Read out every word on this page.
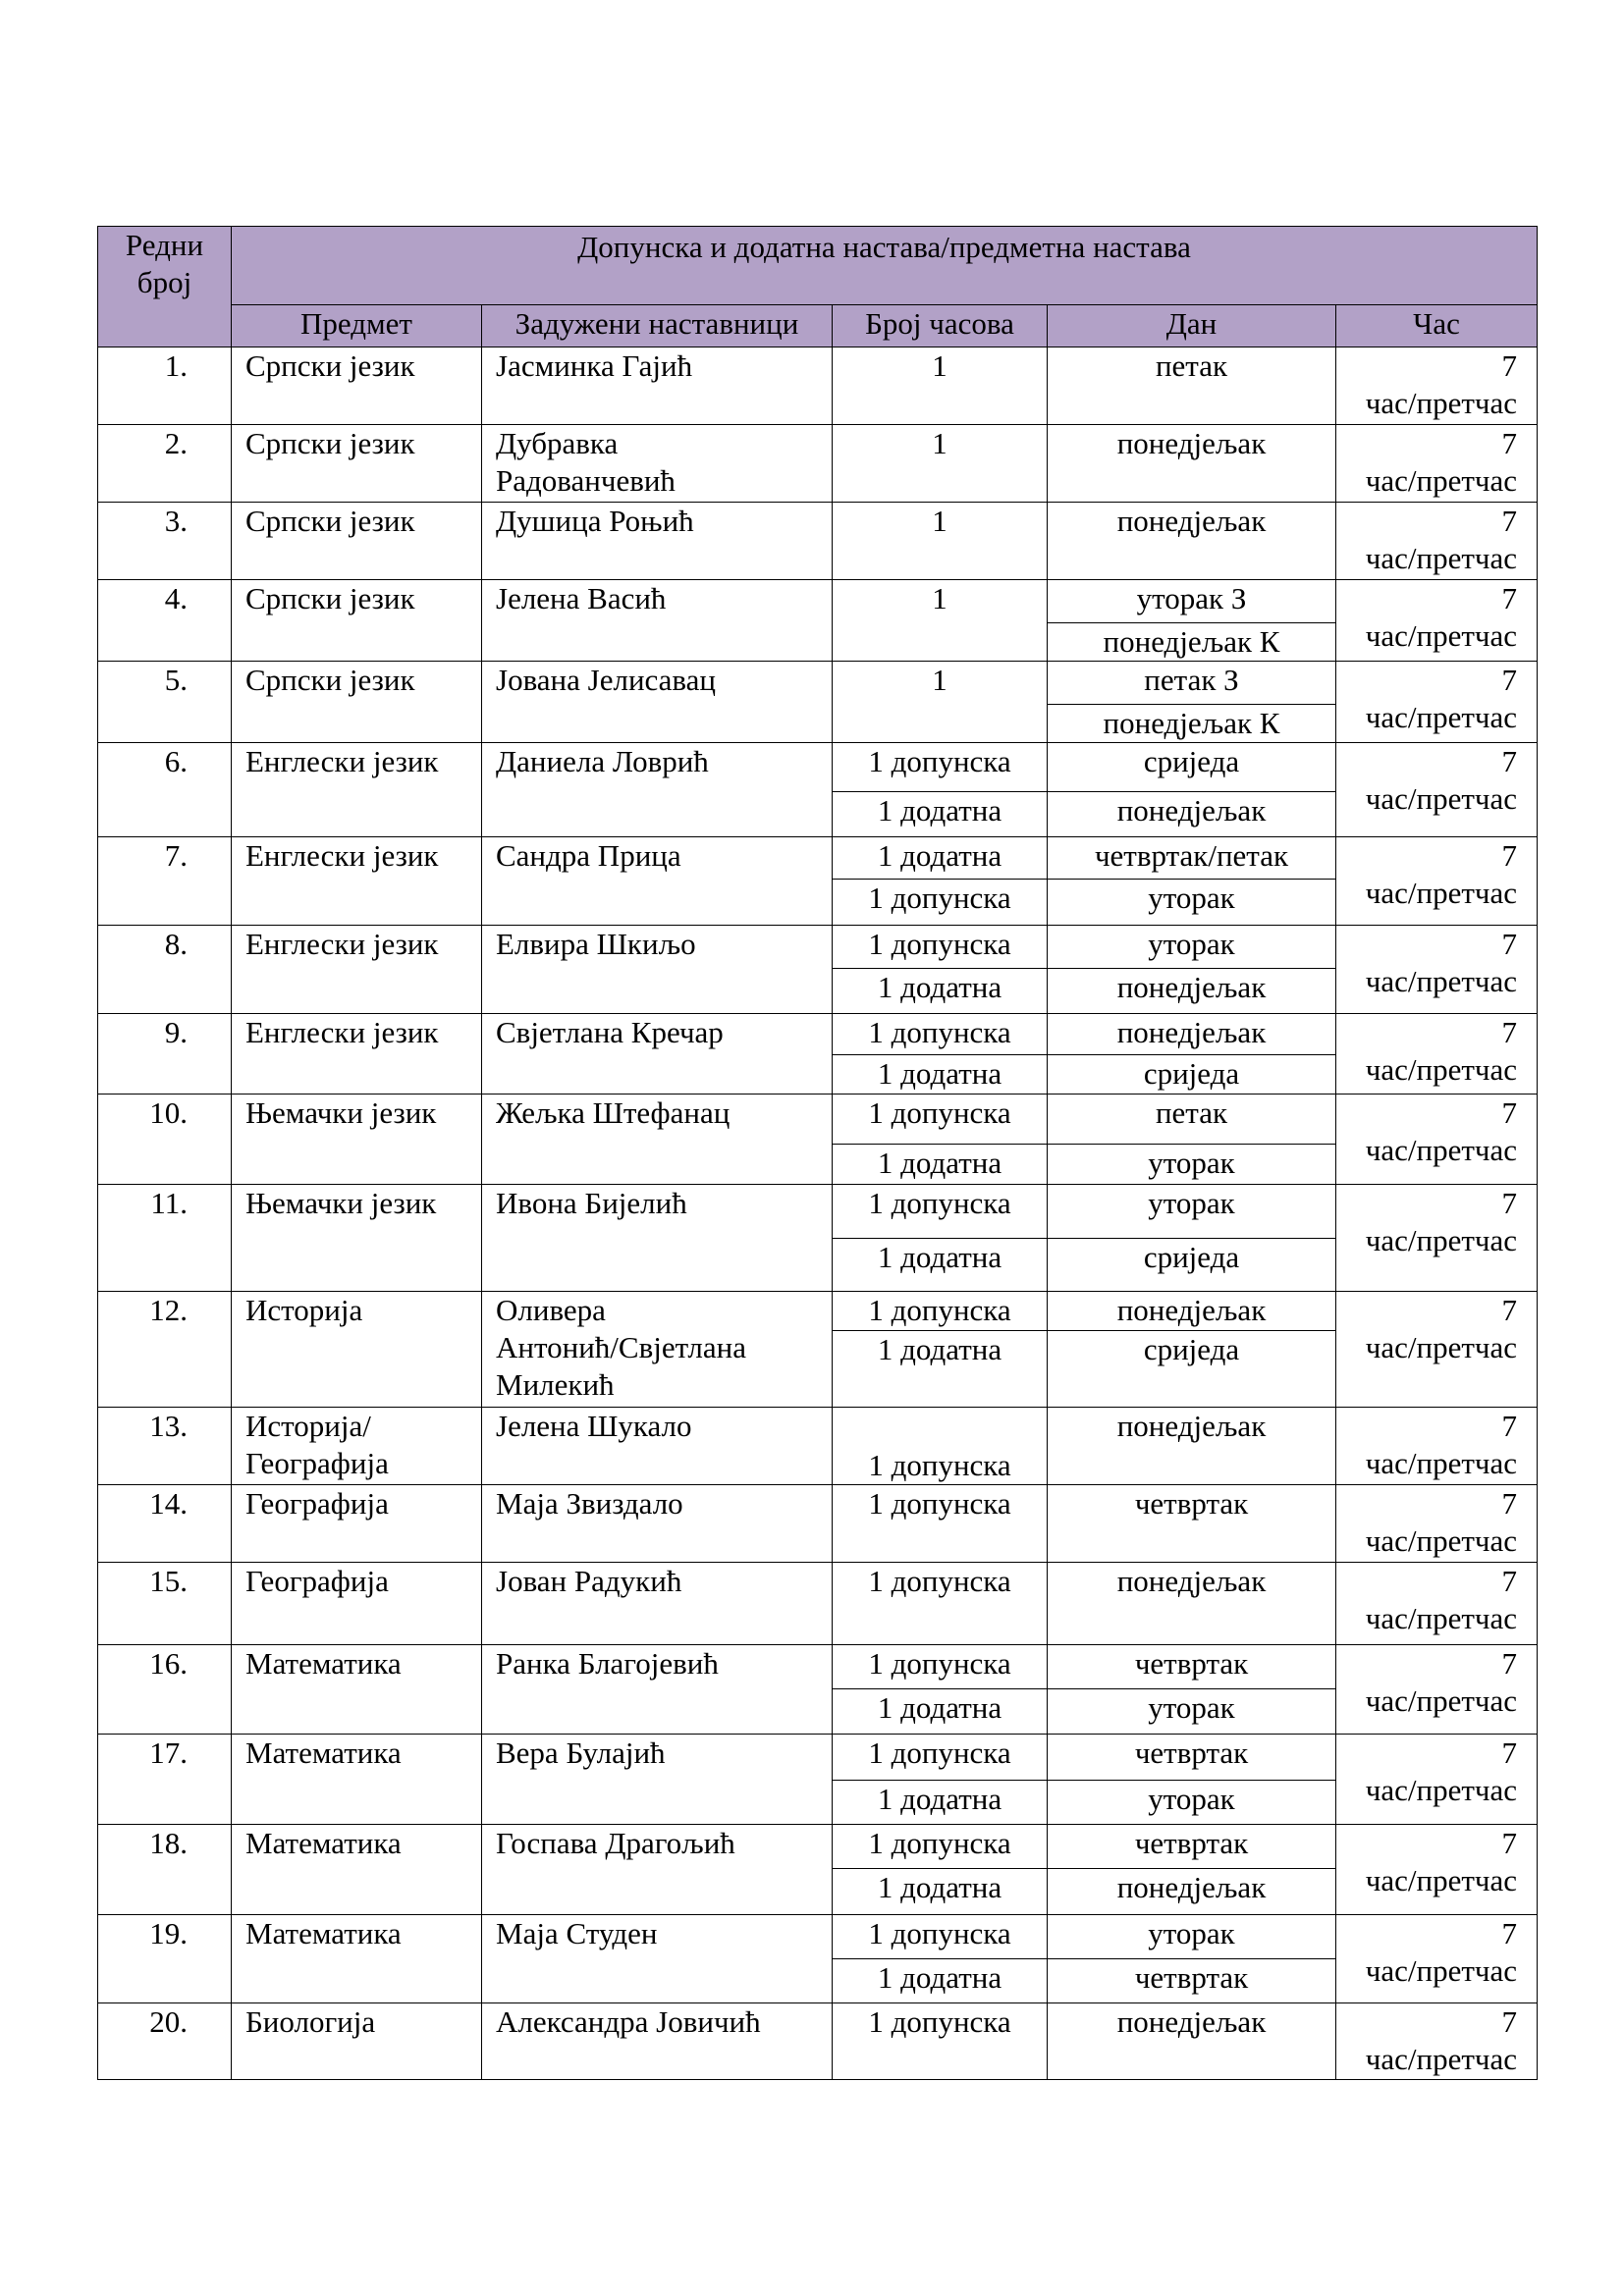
Редни
број	Допунска и додатна настава/предметна настава				
	Предмет	Задужени наставници	Број часова	Дан	Час
1.	Српски језик	Јасминка Гајић	1	петак	7
час/претчас
2.	Српски језик	Дубравка
Радованчевић	1	понедјељак	7
час/претчас
3.	Српски језик	Душица Роњић	1	понедјељак	7
час/претчас
4.	Српски језик	Јелена Васић	1	уторак З	7
час/претчас
				понедјељак К	
5.	Српски језик	Јована Јелисавац	1	петак З	7
час/претчас
				понедјељак К	
6.	Енглески језик	Даниела Ловрић	1 допунска	сриједа	7
час/претчас
			1 додатна	понедјељак	
7.	Енглески језик	Сандра Прица	1 додатна	четвртак/петак	7
час/претчас
			1 допунска	уторак	
8.	Енглески језик	Елвира Шкиљо	1 допунска	уторак	7
час/претчас
			1 додатна	понедјељак	
9.	Енглески језик	Свјетлана Кречар	1 допунска	понедјељак	7
час/претчас
			1 додатна	сриједа	
10.	Њемачки језик	Жељка Штефанац	1 допунска	петак	7
час/претчас
			1 додатна	уторак	
11.	Њемачки језик	Ивона Бијелић	1 допунска	уторак	7
час/претчас
			1 додатна	сриједа	
12.	Историја	Оливера
Антонић/Свјетлана
Милекић	1 допунска	понедјељак	7
час/претчас
			1 додатна	сриједа	
13.	Историја/
Географија	Јелена Шукало	1 допунска	понедјељак	7
час/претчас
14.	Географија	Маја Звиздало	1 допунска	четвртак	7
час/претчас
15.	Географија	Јован Радукић	1 допунска	понедјељак	7
час/претчас
16.	Математика	Ранка Благојевић	1 допунска	четвртак	7
час/претчас
			1 додатна	уторак	
17.	Математика	Вера Булајић	1 допунска	четвртак	7
час/претчас
			1 додатна	уторак	
18.	Математика	Госпава Драгољић	1 допунска	четвртак	7
час/претчас
			1 додатна	понедјељак	
19.	Математика	Маја Студен	1 допунска	уторак	7
час/претчас
			1 додатна	четвртак	
20.	Биологија	Александра Јовичић	1 допунска	понедјељак	7
час/претчас
